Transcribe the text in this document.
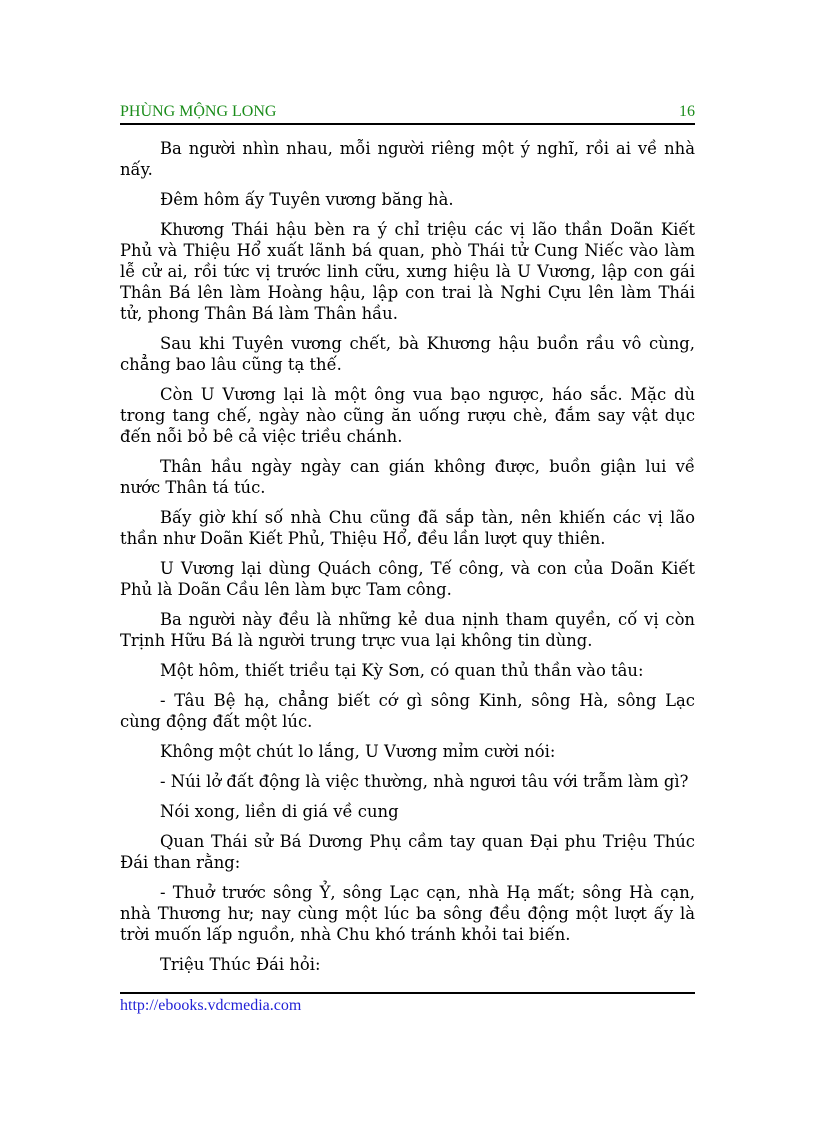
PHÙNG MỘNG LONG	16

Ba người nhìn nhau, mỗi người riêng một ý nghĩ, rồi ai về nhà nấy.

Đêm hôm ấy Tuyên vương băng hà.

Khương Thái hậu bèn ra ý chỉ triệu các vị lão thần Doãn Kiết Phủ và Thiệu Hổ xuất lãnh bá quan, phò Thái tử Cung Niếc vào làm lễ cử ai, rồi tức vị trước linh cữu, xưng hiệu là U Vương, lập con gái Thân Bá lên làm Hoàng hậu, lập con trai là Nghi Cựu lên làm Thái tử, phong Thân Bá làm Thân hầu.

Sau khi Tuyên vương chết, bà Khương hậu buồn rầu vô cùng, chẳng bao lâu cũng tạ thế.

Còn U Vương lại là một ông vua bạo ngược, háo sắc. Mặc dù trong tang chế, ngày nào cũng ăn uống rượu chè, đắm say vật dục đến nỗi bỏ bê cả việc triều chánh.

Thân hầu ngày ngày can gián không được, buồn giận lui về nước Thân tá túc.

Bấy giờ khí số nhà Chu cũng đã sắp tàn, nên khiến các vị lão thần như Doãn Kiết Phủ, Thiệu Hổ, đều lần lượt quy thiên.

U Vương lại dùng Quách công, Tế công, và con của Doãn Kiết Phủ là Doãn Cầu lên làm bực Tam công.

Ba người này đều là những kẻ dua nịnh tham quyền, cố vị còn Trịnh Hữu Bá là người trung trực vua lại không tin dùng.

Một hôm, thiết triều tại Kỳ Sơn, có quan thủ thần vào tâu:

- Tâu Bệ hạ, chẳng biết cớ gì sông Kinh, sông Hà, sông Lạc cùng động đất một lúc.

Không một chút lo lắng, U Vương mỉm cười nói:

- Núi lở đất động là việc thường, nhà ngươi tâu với trẫm làm gì?

Nói xong, liền di giá về cung

Quan Thái sử Bá Dương Phụ cầm tay quan Đại phu Triệu Thúc Đái than rằng:

- Thuở trước sông Ỷ, sông Lạc cạn, nhà Hạ mất; sông Hà cạn, nhà Thương hư; nay cùng một lúc ba sông đều động một lượt ấy là trời muốn lấp nguồn, nhà Chu khó tránh khỏi tai biến.

Triệu Thúc Đái hỏi:

http://ebooks.vdcmedia.com
